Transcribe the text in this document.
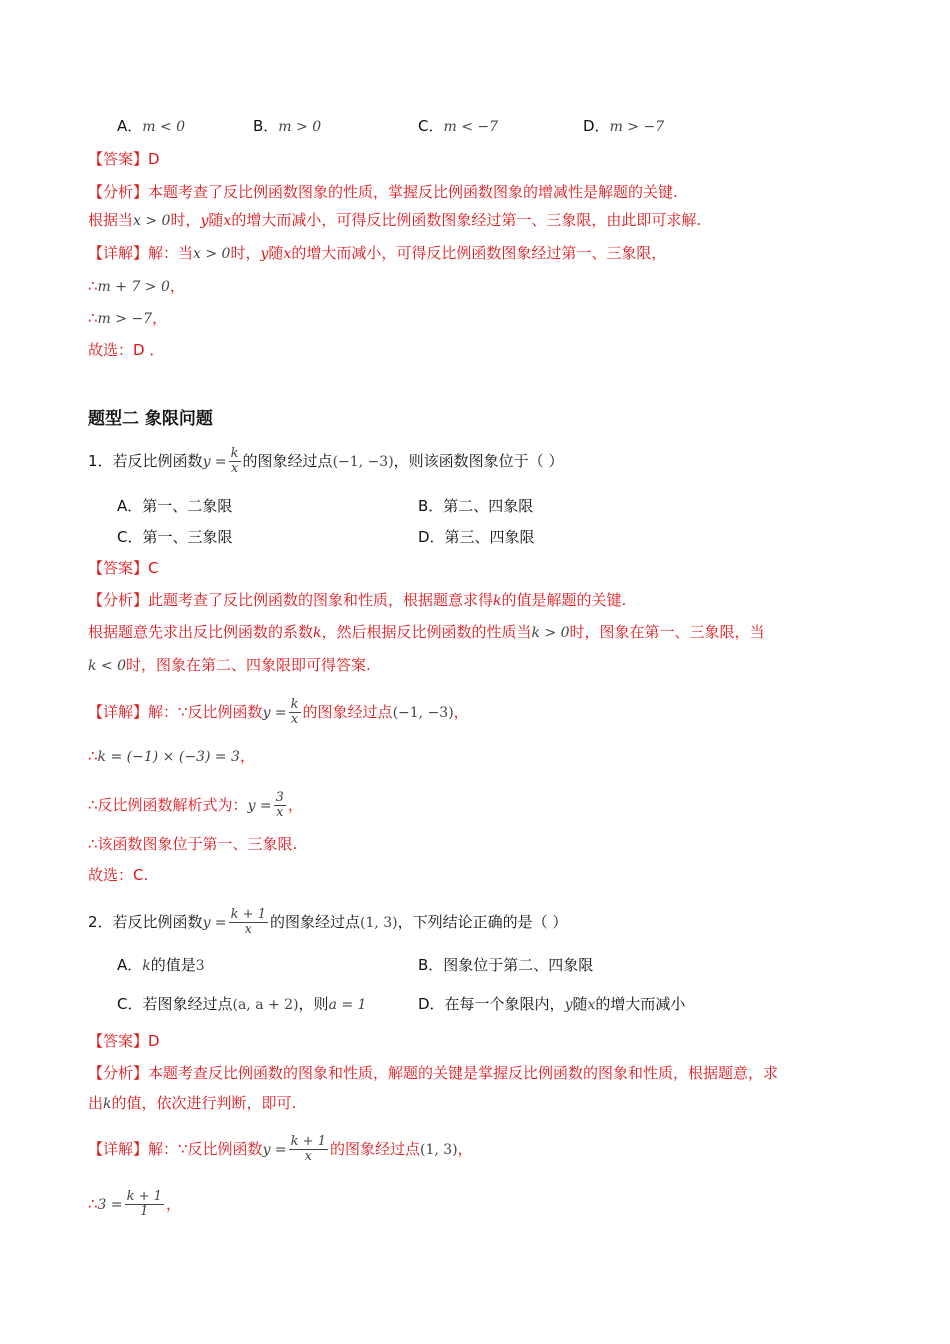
A．m < 0	B．m > 0	C．m < −7	D．m > −7
【答案】D
【分析】本题考查了反比例函数图象的性质，掌握反比例函数图象的增减性是解题的关键.
根据当x > 0时，y随x的增大而减小，可得反比例函数图象经过第一、三象限，由此即可求解.
【详解】解：当x > 0时，y随x的增大而减小，可得反比例函数图象经过第一、三象限，
∴m + 7 > 0，
∴m > −7，
故选：D ．
题型二 象限问题
1．若反比例函数$y = \frac{k}{x}$ 的图象经过点(−1, −3)，则该函数图象位于（ ）
A．第一、二象限	B．第二、四象限
C．第一、三象限	D．第三、四象限
【答案】C
【分析】此题考查了反比例函数的图象和性质，根据题意求得k的值是解题的关键.
根据题意先求出反比例函数的系数k，然后根据反比例函数的性质当k > 0时，图象在第一、三象限，当
k < 0时，图象在第二、四象限即可得答案.
【详解】解：∵反比例函数$y = \frac{k}{x}$ 的图象经过点(−1, −3)，
∴k = (−1) × (−3) = 3，
∴反比例函数解析式为：$y = \frac{3}{x}$ ，
∴该函数图象位于第一、三象限.
故选：C.
2．若反比例函数$y = \frac{k + 1}{x}$ 的图象经过点(1, 3)，下列结论正确的是（ ）
A．k的值是3	B．图象位于第二、四象限
C．若图象经过点(a, a + 2)，则a = 1	D．在每一个象限内，y随x的增大而减小
【答案】D
【分析】本题考查反比例函数的图象和性质，解题的关键是掌握反比例函数的图象和性质，根据题意，求
出k的值，依次进行判断，即可.
【详解】解：∵反比例函数$y = \frac{k + 1}{x}$ 的图象经过点(1, 3)，
∴3 = $\frac{k + 1}{1}$ ，
